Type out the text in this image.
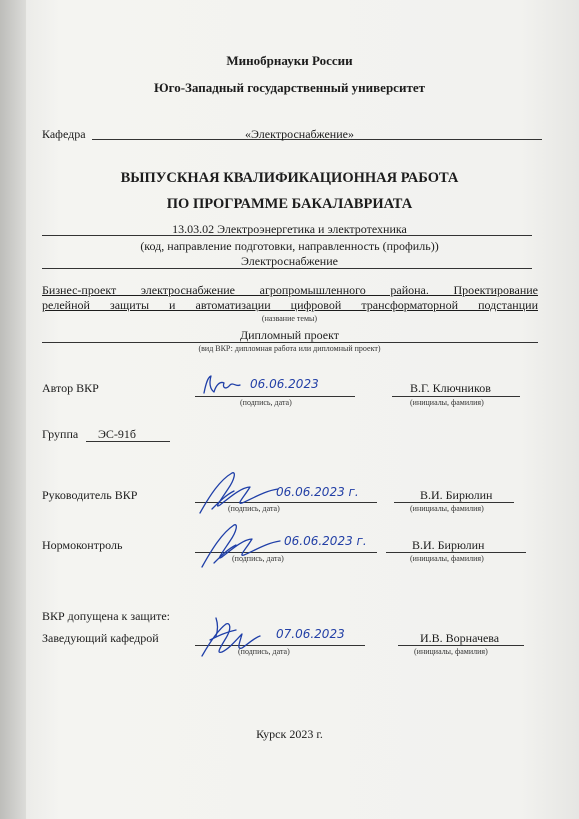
Минобрнауки России
Юго-Западный государственный университет
Кафедра	«Электроснабжение»
ВЫПУСКНАЯ КВАЛИФИКАЦИОННАЯ РАБОТА
ПО ПРОГРАММЕ БАКАЛАВРИАТА
13.03.02 Электроэнергетика и электротехника
(код, направление подготовки, направленность (профиль))
Электроснабжение
Бизнес-проект электроснабжение агропромышленного района. Проектирование
релейной защиты и автоматизации цифровой трансформаторной подстанции
(название темы)
Дипломный проект
(вид ВКР: дипломная работа или дипломный проект)
Автор ВКР	06.06.2023
(подпись, дата)
В.Г. Ключников
(инициалы, фамилия)
Группа ЭС-91б
Руководитель ВКР	06.06.2023 г.
(подпись, дата)
В.И. Бирюлин
(инициалы, фамилия)
Нормоконтроль	06.06.2023 г.
(подпись, дата)
В.И. Бирюлин
(инициалы, фамилия)
ВКР допущена к защите:
Заведующий кафедрой	07.06.2023
(подпись, дата)
И.В. Ворначева
(инициалы, фамилия)
Курск 2023 г.
